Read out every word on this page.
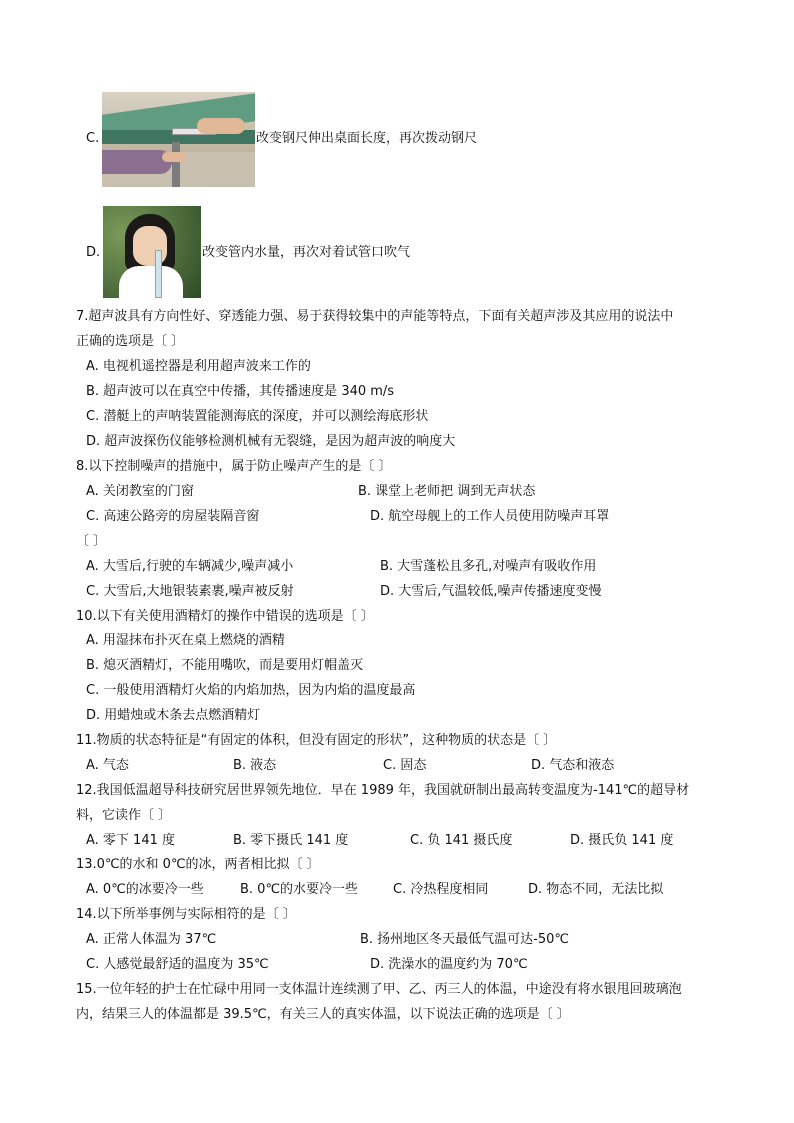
C.	改变钢尺伸出桌面长度，再次拨动钢尺
D.	改变管内水量，再次对着试管口吹气
7.超声波具有方向性好、穿透能力强、易于获得较集中的声能等特点，下面有关超声涉及其应用的说法中
正确的选项是〔 〕
A. 电视机遥控器是利用超声波来工作的
B. 超声波可以在真空中传播，其传播速度是 340 m/s
C. 潜艇上的声呐装置能测海底的深度，并可以测绘海底形状
D. 超声波探伤仪能够检测机械有无裂缝，是因为超声波的响度大
8.以下控制噪声的措施中，属于防止噪声产生的是〔 〕
A. 关闭教室的门窗	B. 课堂上老师把 调到无声状态
C. 高速公路旁的房屋装隔音窗	D. 航空母舰上的工作人员使用防噪声耳罩
〔 〕
A. 大雪后,行驶的车辆减少,噪声减小	B. 大雪蓬松且多孔,对噪声有吸收作用
C. 大雪后,大地银装素裹,噪声被反射	D. 大雪后,气温较低,噪声传播速度变慢
10.以下有关使用酒精灯的操作中错误的选项是〔 〕
A. 用湿抹布扑灭在桌上燃烧的酒精
B. 熄灭酒精灯，不能用嘴吹，而是要用灯帽盖灭
C. 一般使用酒精灯火焰的内焰加热，因为内焰的温度最高
D. 用蜡烛或木条去点燃酒精灯
11.物质的状态特征是“有固定的体积，但没有固定的形状”，这种物质的状态是〔 〕
A. 气态	B. 液态	C. 固态	D. 气态和液态
12.我国低温超导科技研究居世界领先地位．早在 1989 年，我国就研制出最高转变温度为-141℃的超导材
料，它读作〔 〕
A. 零下 141 度	B. 零下摄氏 141 度	C. 负 141 摄氏度	D. 摄氏负 141 度
13.0℃的水和 0℃的冰，两者相比拟〔 〕
A. 0℃的冰要冷一些	B. 0℃的水要冷一些	C. 冷热程度相同	D. 物态不同，无法比拟
14.以下所举事例与实际相符的是〔 〕
A. 正常人体温为 37℃	B. 扬州地区冬天最低气温可达-50℃
C. 人感觉最舒适的温度为 35℃	D. 洗澡水的温度约为 70℃
15.一位年轻的护士在忙碌中用同一支体温计连续测了甲、乙、丙三人的体温，中途没有将水银甩回玻璃泡
内，结果三人的体温都是 39.5℃，有关三人的真实体温，以下说法正确的选项是〔 〕
